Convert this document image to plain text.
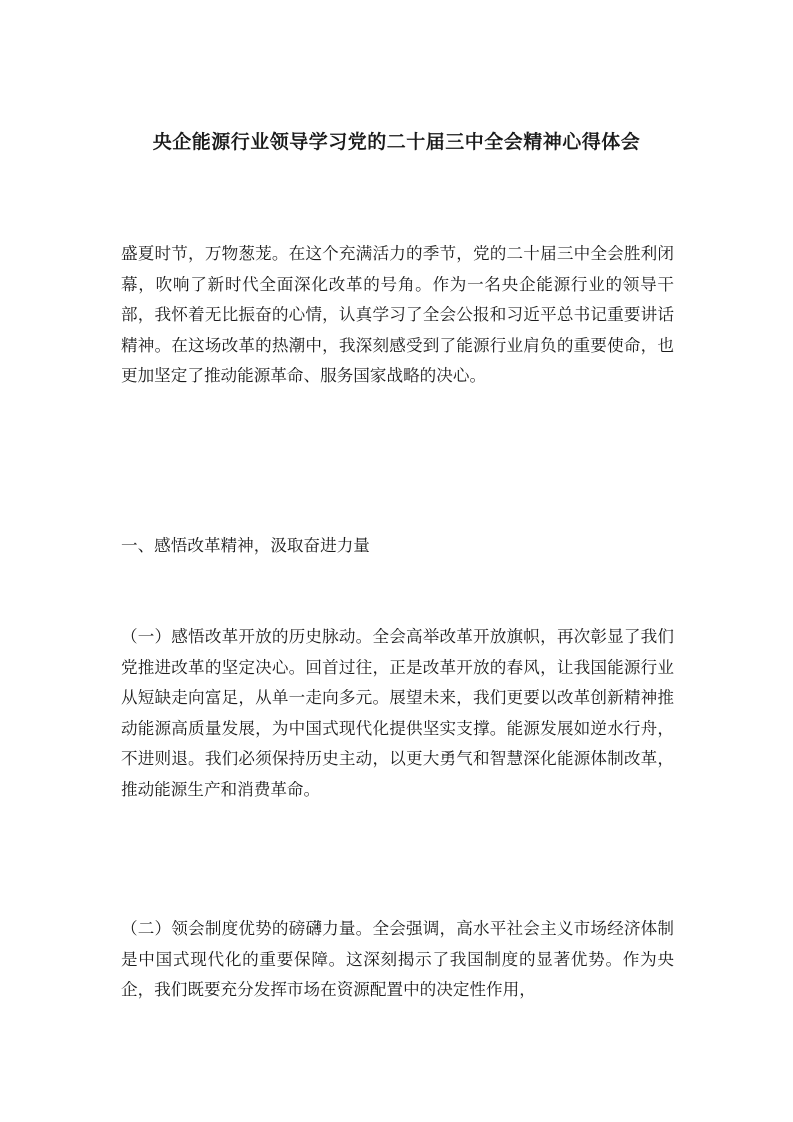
央企能源行业领导学习党的二十届三中全会精神心得体会

盛夏时节，万物葱茏。在这个充满活力的季节，党的二十届三中全会胜利闭幕，吹响了新时代全面深化改革的号角。作为一名央企能源行业的领导干部，我怀着无比振奋的心情，认真学习了全会公报和习近平总书记重要讲话精神。在这场改革的热潮中，我深刻感受到了能源行业肩负的重要使命，也更加坚定了推动能源革命、服务国家战略的决心。

一、感悟改革精神，汲取奋进力量

（一）感悟改革开放的历史脉动。全会高举改革开放旗帜，再次彰显了我们党推进改革的坚定决心。回首过往，正是改革开放的春风，让我国能源行业从短缺走向富足，从单一走向多元。展望未来，我们更要以改革创新精神推动能源高质量发展，为中国式现代化提供坚实支撑。能源发展如逆水行舟，不进则退。我们必须保持历史主动，以更大勇气和智慧深化能源体制改革，推动能源生产和消费革命。

（二）领会制度优势的磅礴力量。全会强调，高水平社会主义市场经济体制是中国式现代化的重要保障。这深刻揭示了我国制度的显著优势。作为央企，我们既要充分发挥市场在资源配置中的决定性作用，
